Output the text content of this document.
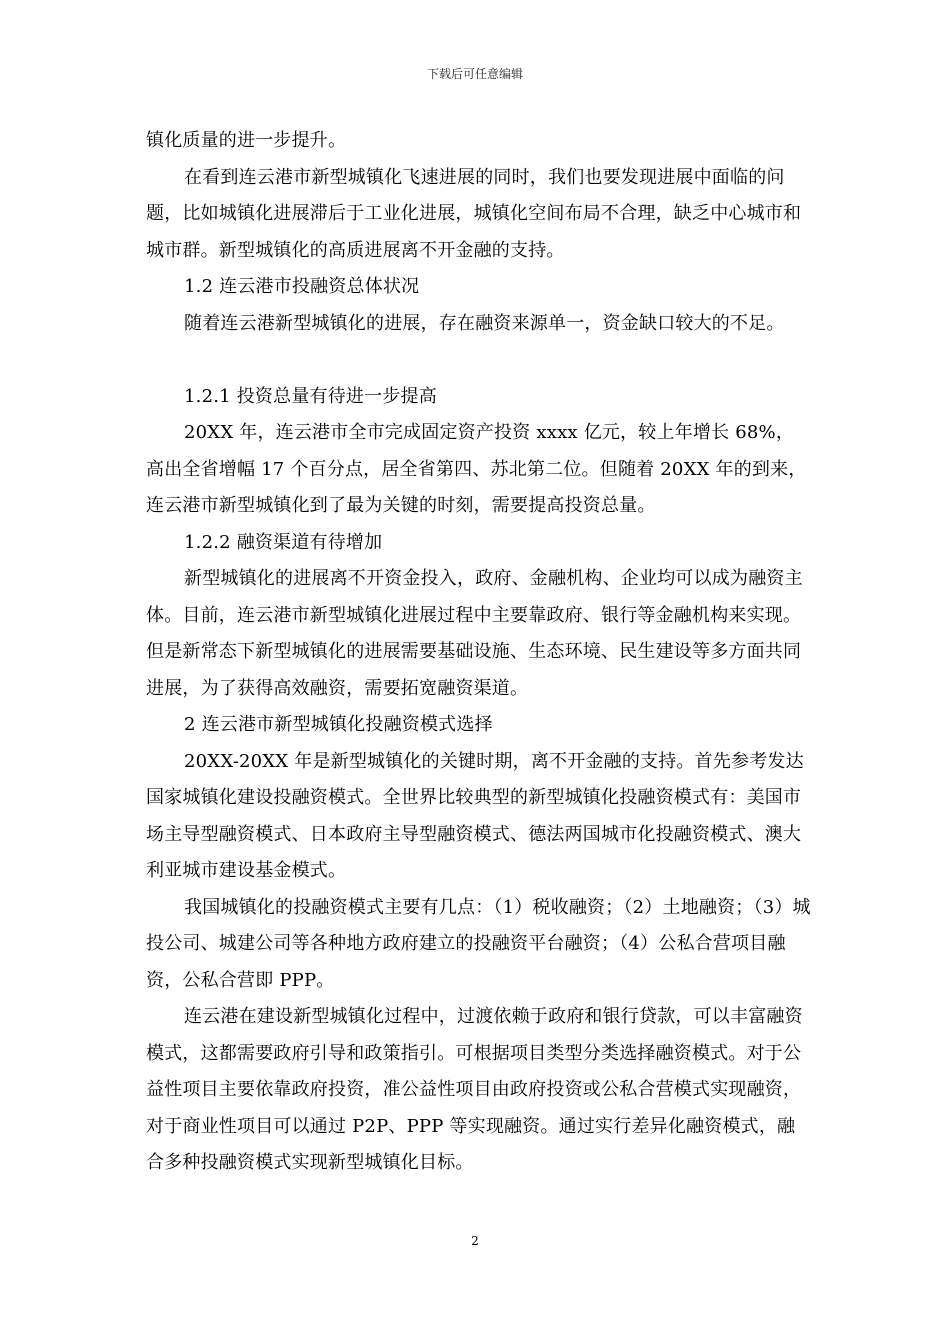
下载后可任意编辑

镇化质量的进一步提升。

在看到连云港市新型城镇化飞速进展的同时，我们也要发现进展中面临的问题，比如城镇化进展滞后于工业化进展，城镇化空间布局不合理，缺乏中心城市和城市群。新型城镇化的高质进展离不开金融的支持。

1.2 连云港市投融资总体状况

随着连云港新型城镇化的进展，存在融资来源单一，资金缺口较大的不足。

1.2.1 投资总量有待进一步提高

20XX 年，连云港市全市完成固定资产投资 xxxx 亿元，较上年增长 68%，高出全省增幅 17 个百分点，居全省第四、苏北第二位。但随着 20XX 年的到来，连云港市新型城镇化到了最为关键的时刻，需要提高投资总量。

1.2.2 融资渠道有待增加

新型城镇化的进展离不开资金投入，政府、金融机构、企业均可以成为融资主体。目前，连云港市新型城镇化进展过程中主要靠政府、银行等金融机构来实现。但是新常态下新型城镇化的进展需要基础设施、生态环境、民生建设等多方面共同进展，为了获得高效融资，需要拓宽融资渠道。

2 连云港市新型城镇化投融资模式选择

20XX-20XX 年是新型城镇化的关键时期，离不开金融的支持。首先参考发达国家城镇化建设投融资模式。全世界比较典型的新型城镇化投融资模式有：美国市场主导型融资模式、日本政府主导型融资模式、德法两国城市化投融资模式、澳大利亚城市建设基金模式。

我国城镇化的投融资模式主要有几点：（1）税收融资；（2）土地融资；（3）城投公司、城建公司等各种地方政府建立的投融资平台融资；（4）公私合营项目融资，公私合营即 PPP。

连云港在建设新型城镇化过程中，过渡依赖于政府和银行贷款，可以丰富融资模式，这都需要政府引导和政策指引。可根据项目类型分类选择融资模式。对于公益性项目主要依靠政府投资，准公益性项目由政府投资或公私合营模式实现融资，对于商业性项目可以通过 P2P、PPP 等实现融资。通过实行差异化融资模式，融合多种投融资模式实现新型城镇化目标。

2
